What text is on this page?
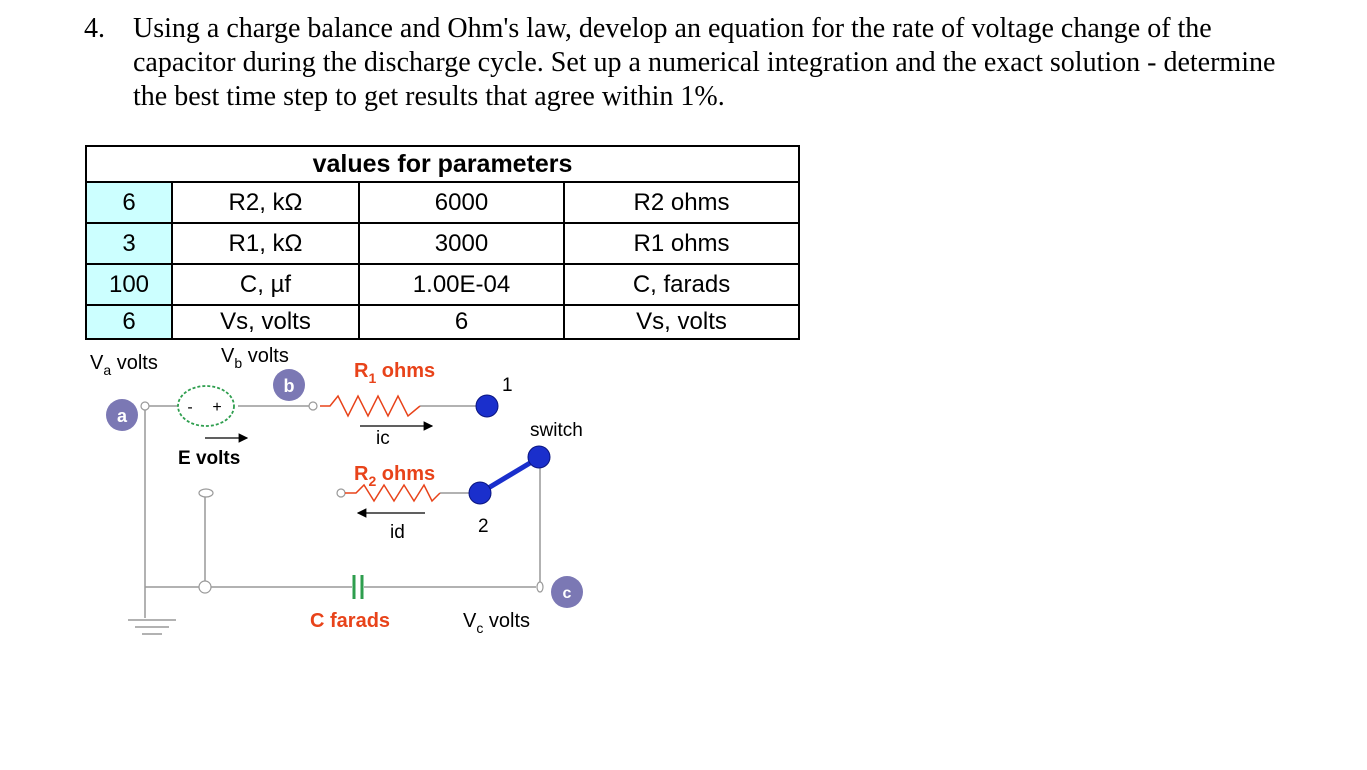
4. Using a charge balance and Ohm's law, develop an equation for the rate of voltage change of the
capacitor during the discharge cycle. Set up a numerical integration and the exact solution - determine
the best time step to get results that agree within 1%.
values for parameters			
6	R2, kΩ	6000	R2 ohms
3	R1, kΩ	3000	R1 ohms
100	C, µf	1.00E-04	C, farads
6	Vs, volts	6	Vs, volts
- +
E volts
a
b
c
$V_a$ volts	$V_b$ volts
$V_c$ volts
$R_1$ ohms
$R_2$ ohms
ic
id
switch
1
2
C farads
